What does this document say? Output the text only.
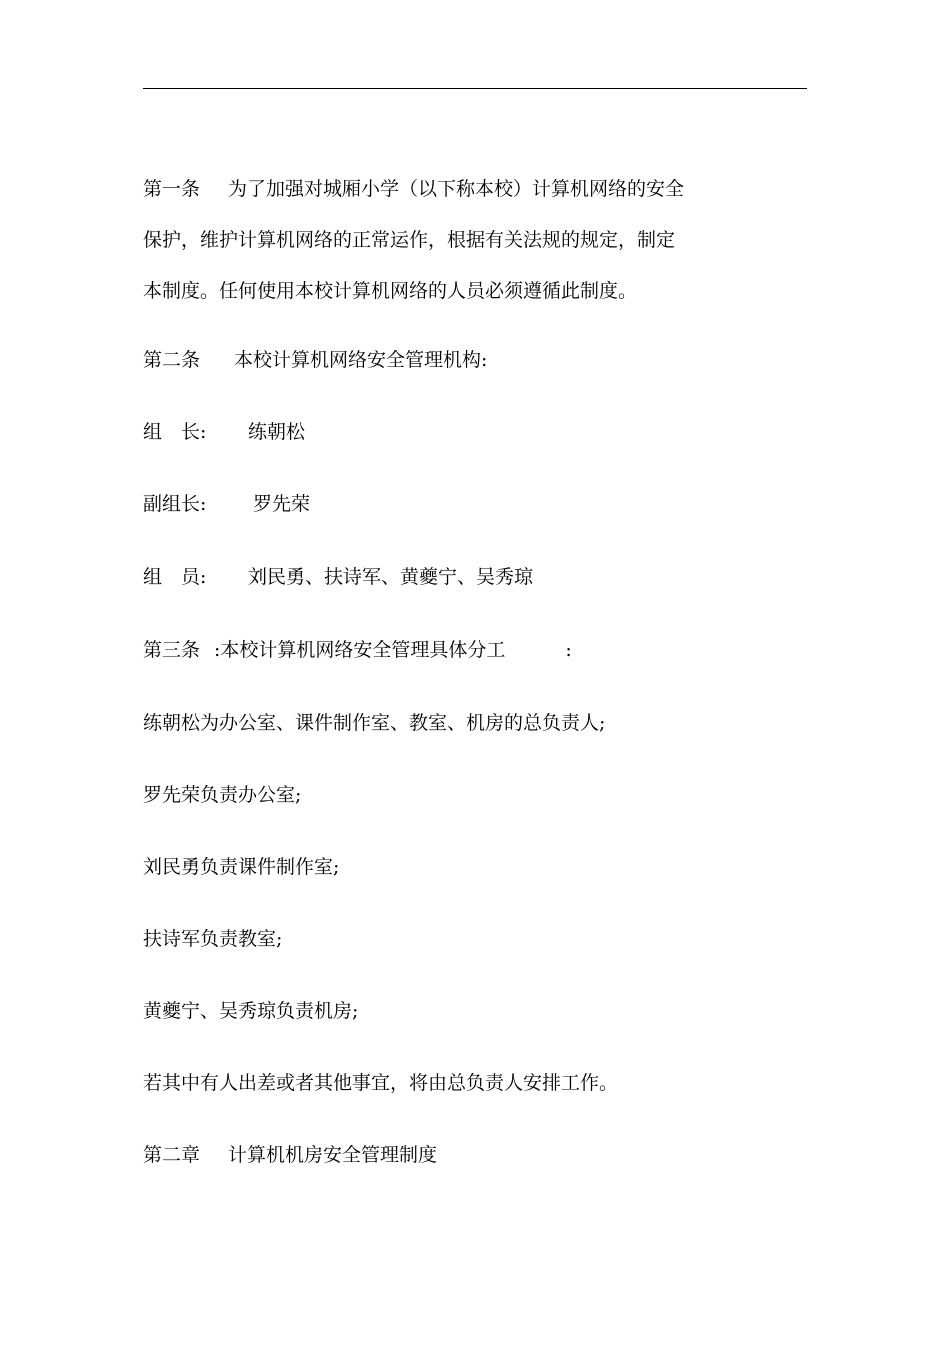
第一条 为了加强对城厢小学（以下称本校）计算机网络的安全
保护，维护计算机网络的正常运作，根据有关法规的规定，制定
本制度。任何使用本校计算机网络的人员必须遵循此制度。
第二条 本校计算机网络安全管理机构:
组　长: 练朝松
副组长: 罗先荣
组　员: 刘民勇、扶诗军、黄夔宁、吴秀琼
第三条 :本校计算机网络安全管理具体分工	:
练朝松为办公室、课件制作室、教室、机房的总负责人;
罗先荣负责办公室;
刘民勇负责课件制作室;
扶诗军负责教室;
黄夔宁、吴秀琼负责机房;
若其中有人出差或者其他事宜，将由总负责人安排工作。
第二章 计算机机房安全管理制度
